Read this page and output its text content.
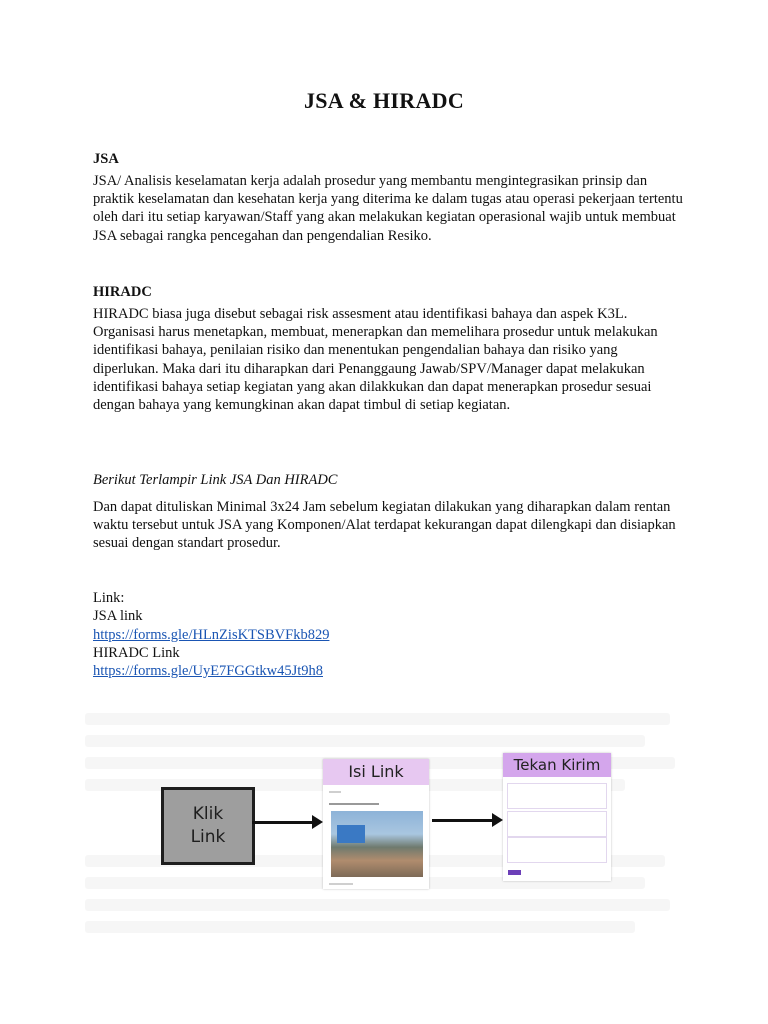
JSA & HIRADC
JSA
JSA/ Analisis keselamatan kerja adalah prosedur yang membantu mengintegrasikan prinsip dan praktik keselamatan dan kesehatan kerja yang diterima ke dalam tugas atau operasi pekerjaan tertentu oleh dari itu setiap karyawan/Staff yang akan melakukan kegiatan operasional wajib untuk membuat JSA sebagai rangka pencegahan dan pengendalian Resiko.
HIRADC
HIRADC biasa juga disebut sebagai risk assesment atau identifikasi bahaya dan aspek K3L. Organisasi harus menetapkan, membuat, menerapkan dan memelihara prosedur untuk melakukan identifikasi bahaya, penilaian risiko dan menentukan pengendalian bahaya dan risiko yang diperlukan. Maka dari itu diharapkan dari Penanggaung Jawab/SPV/Manager dapat melakukan identifikasi bahaya setiap kegiatan yang akan dilakkukan dan dapat menerapkan prosedur sesuai dengan bahaya yang kemungkinan akan dapat timbul di setiap kegiatan.
Berikut Terlampir Link JSA Dan HIRADC
Dan dapat dituliskan Minimal 3x24 Jam sebelum kegiatan dilakukan yang diharapkan dalam rentan waktu tersebut untuk JSA yang Komponen/Alat terdapat kekurangan dapat dilengkapi dan disiapkan sesuai dengan standart prosedur.
Link:
JSA link
https://forms.gle/HLnZisKTSBVFkb829
HIRADC Link
https://forms.gle/UyE7FGGtkw45Jt9h8
Klik
Link
Isi Link	Tekan Kirim
